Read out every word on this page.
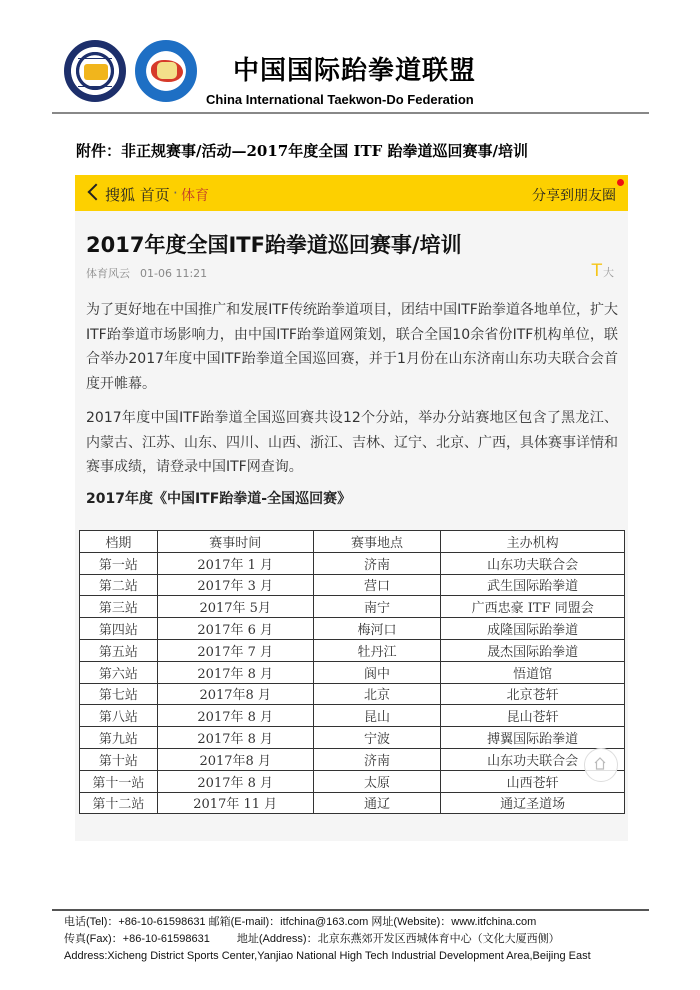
中国国际跆拳道联盟
China International Taekwon-Do Federation
附件：非正规赛事/活动—2017年度全国 ITF 跆拳道巡回赛事/培训
搜狐 首页 · 体育	分享到朋友圈
2017年度全国ITF跆拳道巡回赛事/培训
体育风云 01-06 11:21	T大
为了更好地在中国推广和发展ITF传统跆拳道项目，团结中国ITF跆拳道各地单位，扩大ITF跆拳道市场影响力，由中国ITF跆拳道网策划，联合全国10余省份ITF机构单位，联合举办2017年度中国ITF跆拳道全国巡回赛，并于1月份在山东济南山东功夫联合会首度开帷幕。
2017年度中国ITF跆拳道全国巡回赛共设12个分站，举办分站赛地区包含了黑龙江、内蒙古、江苏、山东、四川、山西、浙江、吉林、辽宁、北京、广西，具体赛事详情和赛事成绩，请登录中国ITF网查询。
2017年度《中国ITF跆拳道-全国巡回赛》
档期	赛事时间	赛事地点	主办机构
第一站	2017年 1 月	济南	山东功夫联合会
第二站	2017年 3 月	营口	武生国际跆拳道
第三站	2017年 5月	南宁	广西忠豪 ITF 同盟会
第四站	2017年 6 月	梅河口	成隆国际跆拳道
第五站	2017年 7 月	牡丹江	晟杰国际跆拳道
第六站	2017年 8 月	阆中	悟道馆
第七站	2017年8 月	北京	北京苍轩
第八站	2017年 8 月	昆山	昆山苍轩
第九站	2017年 8 月	宁波	搏翼国际跆拳道
第十站	2017年8 月	济南	山东功夫联合会
第十一站	2017年 8 月	太原	山西苍轩
第十二站	2017年 11 月	通辽	通辽圣道场
电话(Tel)：+86-10-61598631 邮箱(E-mail)：itfchina@163.com 网址(Website)：www.itfchina.com
传真(Fax)：+86-10-61598631 地址(Address)：北京东燕郊开发区西城体育中心（文化大厦西侧）
Address:Xicheng District Sports Center,Yanjiao National High Tech Industrial Development Area,Beijing East
